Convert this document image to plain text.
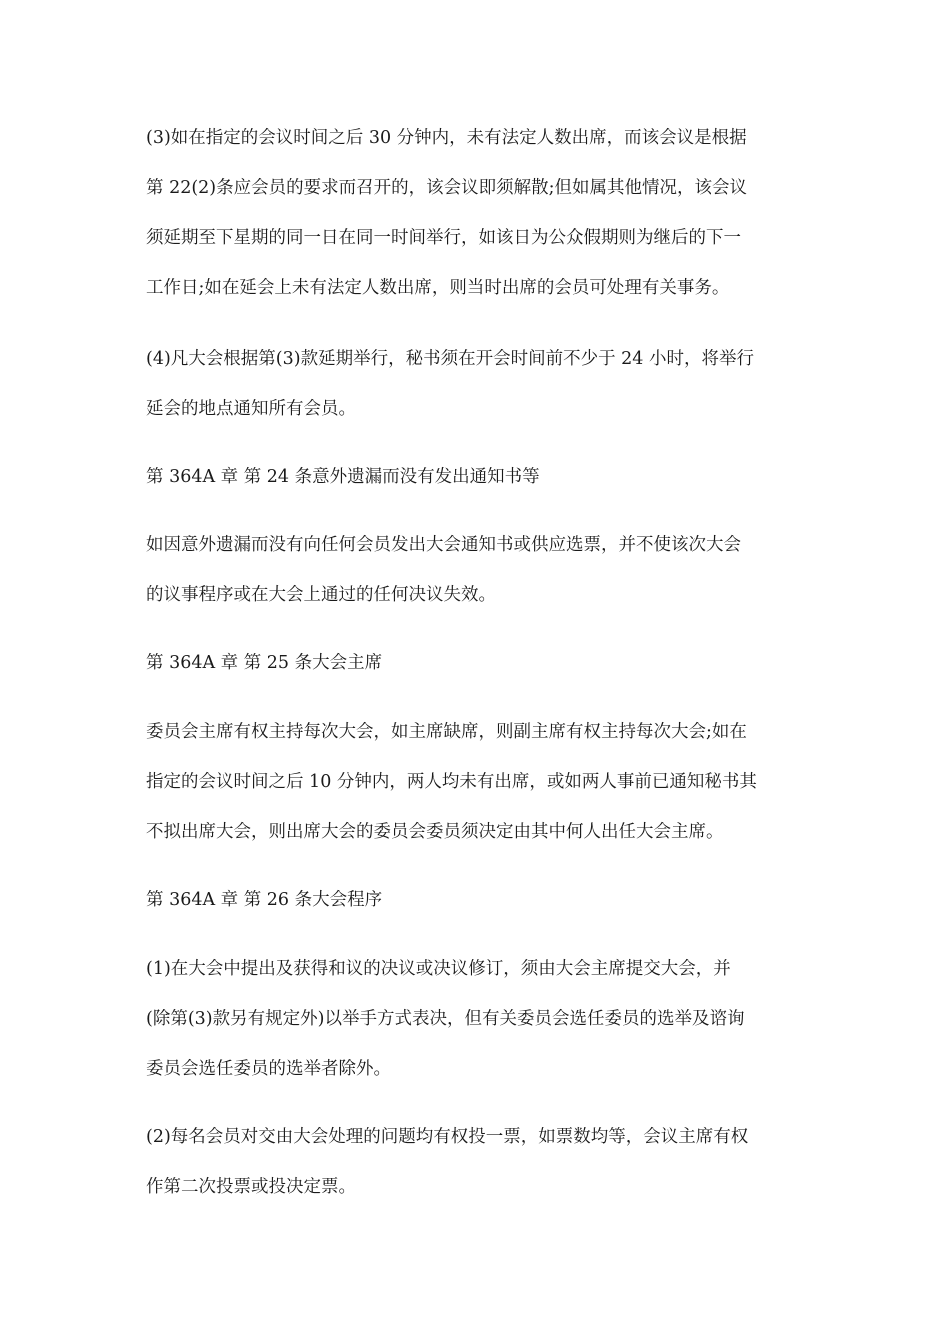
(3)如在指定的会议时间之后 30 分钟内，未有法定人数出席，而该会议是根据
第 22(2)条应会员的要求而召开的，该会议即须解散;但如属其他情况，该会议
须延期至下星期的同一日在同一时间举行，如该日为公众假期则为继后的下一
工作日;如在延会上未有法定人数出席，则当时出席的会员可处理有关事务。

(4)凡大会根据第(3)款延期举行，秘书须在开会时间前不少于 24 小时，将举行
延会的地点通知所有会员。

第 364A 章 第 24 条意外遗漏而没有发出通知书等

如因意外遗漏而没有向任何会员发出大会通知书或供应选票，并不使该次大会
的议事程序或在大会上通过的任何决议失效。

第 364A 章 第 25 条大会主席

委员会主席有权主持每次大会，如主席缺席，则副主席有权主持每次大会;如在
指定的会议时间之后 10 分钟内，两人均未有出席，或如两人事前已通知秘书其
不拟出席大会，则出席大会的委员会委员须决定由其中何人出任大会主席。

第 364A 章 第 26 条大会程序

(1)在大会中提出及获得和议的决议或决议修订，须由大会主席提交大会，并
(除第(3)款另有规定外)以举手方式表决，但有关委员会选任委员的选举及谘询
委员会选任委员的选举者除外。

(2)每名会员对交由大会处理的问题均有权投一票，如票数均等，会议主席有权
作第二次投票或投决定票。
